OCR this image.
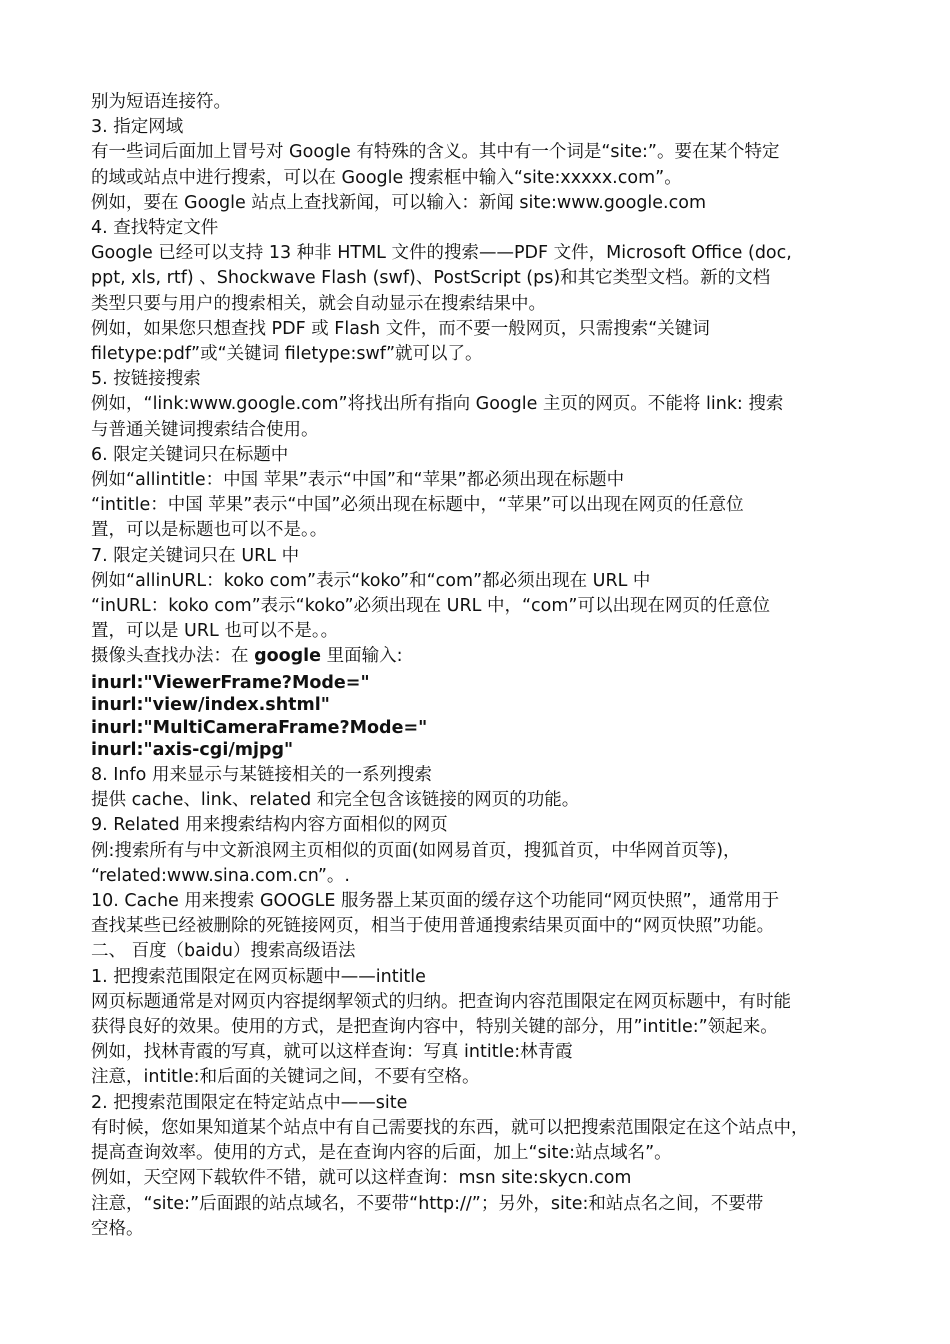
别为短语连接符。
3. 指定网域
有一些词后面加上冒号对 Google 有特殊的含义。其中有一个词是“site:”。要在某个特定
的域或站点中进行搜索，可以在 Google 搜索框中输入“site:xxxxx.com”。
例如，要在 Google 站点上查找新闻，可以输入：新闻 site:www.google.com
4. 查找特定文件
Google 已经可以支持 13 种非 HTML 文件的搜索——PDF 文件，Microsoft Office (doc,
ppt, xls, rtf) 、Shockwave Flash (swf)、PostScript (ps)和其它类型文档。新的文档
类型只要与用户的搜索相关，就会自动显示在搜索结果中。
例如，如果您只想查找 PDF 或 Flash 文件，而不要一般网页，只需搜索“关键词
filetype:pdf”或“关键词 filetype:swf”就可以了。
5. 按链接搜索
例如，“link:www.google.com”将找出所有指向 Google 主页的网页。不能将 link: 搜索
与普通关键词搜索结合使用。
6. 限定关键词只在标题中
例如“allintitle：中国 苹果”表示“中国”和“苹果”都必须出现在标题中
“intitle：中国 苹果”表示“中国”必须出现在标题中，“苹果”可以出现在网页的任意位
置，可以是标题也可以不是。。
7. 限定关键词只在 URL 中
例如“allinURL：koko com”表示“koko”和“com”都必须出现在 URL 中
“inURL：koko com”表示“koko”必须出现在 URL 中，“com”可以出现在网页的任意位
置，可以是 URL 也可以不是。。
摄像头查找办法：在 google 里面输入:
inurl:"ViewerFrame?Mode="
inurl:"view/index.shtml"
inurl:"MultiCameraFrame?Mode="
inurl:"axis-cgi/mjpg"
8. Info 用来显示与某链接相关的一系列搜索
提供 cache、link、related 和完全包含该链接的网页的功能。
9. Related 用来搜索结构内容方面相似的网页
例:搜索所有与中文新浪网主页相似的页面(如网易首页，搜狐首页，中华网首页等)，
“related:www.sina.com.cn”。.
10. Cache 用来搜索 GOOGLE 服务器上某页面的缓存这个功能同“网页快照”，通常用于
查找某些已经被删除的死链接网页，相当于使用普通搜索结果页面中的“网页快照”功能。
二、 百度（baidu）搜索高级语法
1. 把搜索范围限定在网页标题中——intitle
网页标题通常是对网页内容提纲挈领式的归纳。把查询内容范围限定在网页标题中，有时能
获得良好的效果。使用的方式，是把查询内容中，特别关键的部分，用”intitle:”领起来。
例如，找林青霞的写真，就可以这样查询：写真 intitle:林青霞
注意，intitle:和后面的关键词之间，不要有空格。
2. 把搜索范围限定在特定站点中——site
有时候，您如果知道某个站点中有自己需要找的东西，就可以把搜索范围限定在这个站点中，
提高查询效率。使用的方式，是在查询内容的后面，加上“site:站点域名”。
例如，天空网下载软件不错，就可以这样查询：msn site:skycn.com
注意，“site:”后面跟的站点域名，不要带“http://”；另外，site:和站点名之间，不要带
空格。
